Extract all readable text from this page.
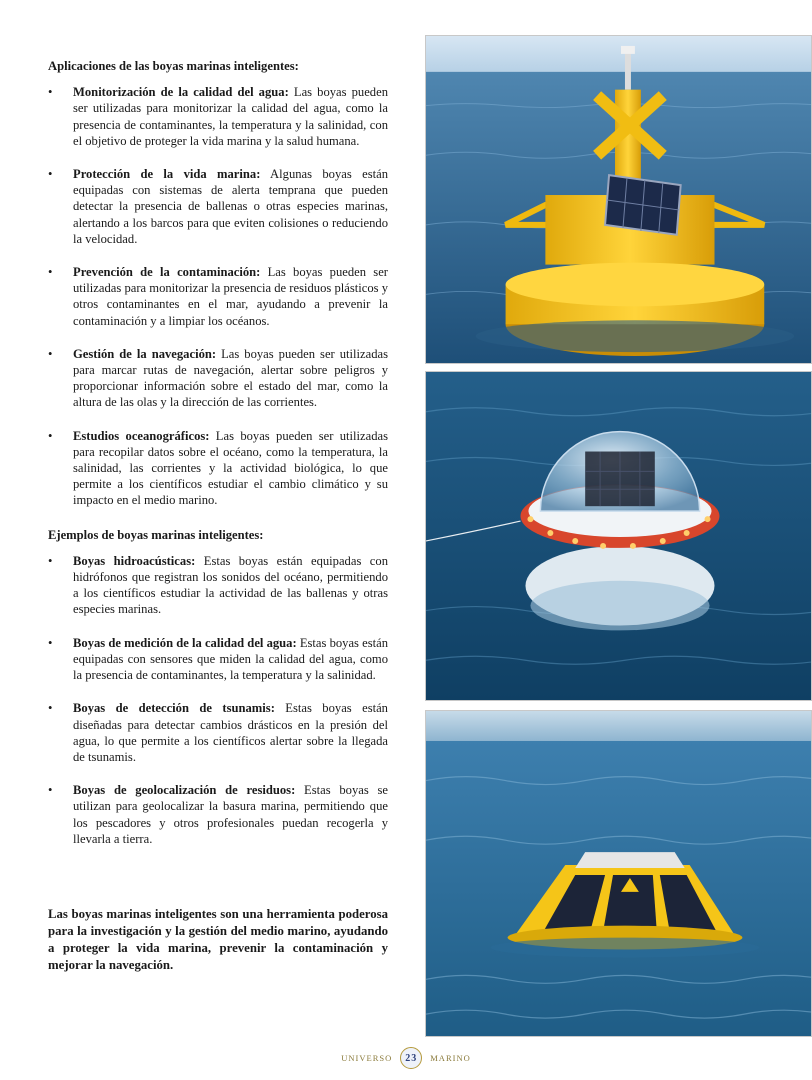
Aplicaciones de las boyas marinas inteligentes:

• Monitorización de la calidad del agua: Las boyas pueden ser utilizadas para monitorizar la calidad del agua, como la presencia de contaminantes, la temperatura y la salinidad, con el objetivo de proteger la vida marina y la salud humana.
• Protección de la vida marina: Algunas boyas están equipadas con sistemas de alerta temprana que pueden detectar la presencia de ballenas o otras especies marinas, alertando a los barcos para que eviten colisiones o reduciendo la velocidad.
• Prevención de la contaminación: Las boyas pueden ser utilizadas para monitorizar la presencia de residuos plásticos y otros contaminantes en el mar, ayudando a prevenir la contaminación y a limpiar los océanos.
• Gestión de la navegación: Las boyas pueden ser utilizadas para marcar rutas de navegación, alertar sobre peligros y proporcionar información sobre el estado del mar, como la altura de las olas y la dirección de las corrientes.
• Estudios oceanográficos: Las boyas pueden ser utilizadas para recopilar datos sobre el océano, como la temperatura, la salinidad, las corrientes y la actividad biológica, lo que permite a los científicos estudiar el cambio climático y su impacto en el medio marino.

Ejemplos de boyas marinas inteligentes:

• Boyas hidroacústicas: Estas boyas están equipadas con hidrófonos que registran los sonidos del océano, permitiendo a los científicos estudiar la actividad de las ballenas y otras especies marinas.
• Boyas de medición de la calidad del agua: Estas boyas están equipadas con sensores que miden la calidad del agua, como la presencia de contaminantes, la temperatura y la salinidad.
• Boyas de detección de tsunamis: Estas boyas están diseñadas para detectar cambios drásticos en la presión del agua, lo que permite a los científicos alertar sobre la llegada de tsunamis.
• Boyas de geolocalización de residuos: Estas boyas se utilizan para geolocalizar la basura marina, permitiendo que los pescadores y otros profesionales puedan recogerla y llevarla a tierra.

Las boyas marinas inteligentes son una herramienta poderosa para la investigación y la gestión del medio marino, ayudando a proteger la vida marina, prevenir la contaminación y mejorar la navegación.

UNIVERSO 23 MARINO
